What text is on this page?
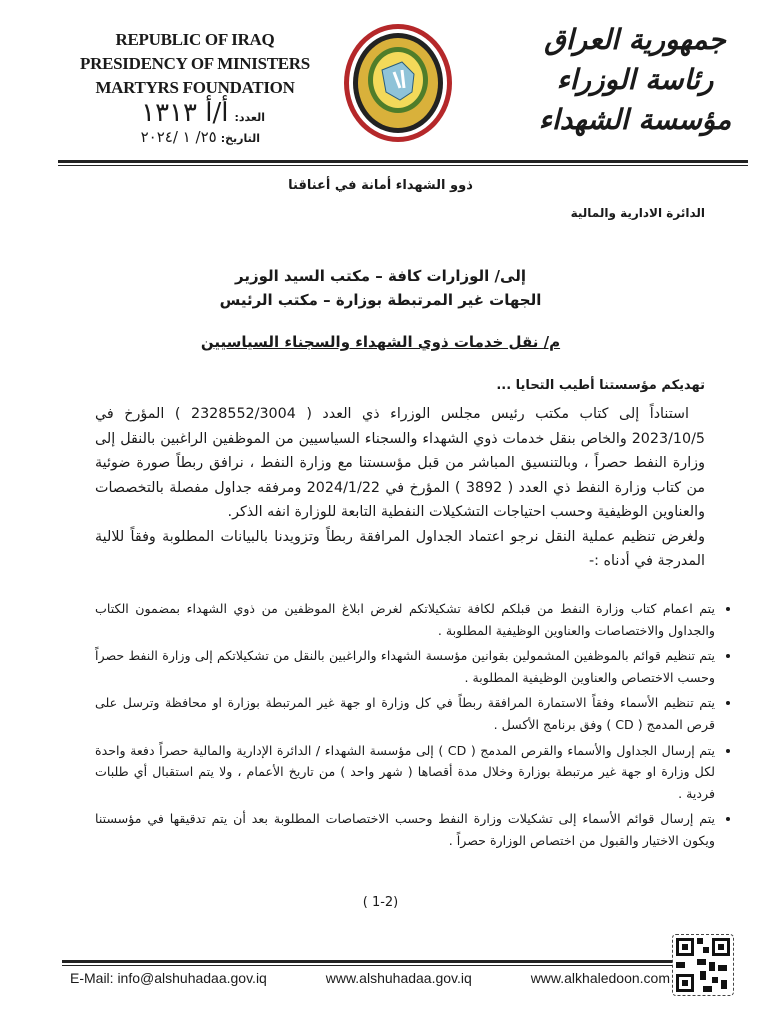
REPUBLIC OF IRAQ
PRESIDENCY OF MINISTERS
MARTYRS FOUNDATION
العدد:أ/أ ١٣١٣
التاريخ:٢٥/ ١ /٢٠٢٤
جمهورية العراق
رئاسة الوزراء
مؤسسة الشهداء
ذوو الشهداء أمانة في أعناقنا
الدائرة الادارية والمالية
إلى/ الوزارات كافة – مكتب السيد الوزير
الجهات غير المرتبطة بوزارة – مكتب الرئيس
م/ نقل خدمات ذوي الشهداء والسجناء السياسيين
تهديكم مؤسستنا أطيب التحايا ...
استناداً إلى كتاب مكتب رئيس مجلس الوزراء ذي العدد ( 2328552/3004 ) المؤرخ في 2023/10/5 والخاص بنقل خدمات ذوي الشهداء والسجناء السياسيين من الموظفين الراغبين بالنقل إلى وزارة النفط حصراً ، وبالتنسيق المباشر من قبل مؤسستنا مع وزارة النفط ، نرافق ربطاً صورة ضوئية من كتاب وزارة النفط ذي العدد ( 3892 ) المؤرخ في 2024/1/22 ومرفقه جداول مفصلة بالتخصصات والعناوين الوظيفية وحسب احتياجات التشكيلات النفطية التابعة للوزارة انفه الذكر.
ولغرض تنظيم عملية النقل نرجو اعتماد الجداول المرافقة ربطاً وتزويدنا بالبيانات المطلوبة وفقاً للالية المدرجة في أدناه :-
• يتم اعمام كتاب وزارة النفط من قبلكم لكافة تشكيلاتكم لغرض ابلاغ الموظفين من ذوي الشهداء بمضمون الكتاب والجداول والاختصاصات والعناوين الوظيفية المطلوبة .
• يتم تنظيم قوائم بالموظفين المشمولين بقوانين مؤسسة الشهداء والراغبين بالنقل من تشكيلاتكم إلى وزارة النفط حصراً وحسب الاختصاص والعناوين الوظيفية المطلوبة .
• يتم تنظيم الأسماء وفقاً الاستمارة المرافقة ربطاً في كل وزارة او جهة غير المرتبطة بوزارة او محافظة وترسل على قرص المدمج ( CD ) وفق برنامج الأكسل .
• يتم إرسال الجداول والأسماء والقرص المدمج ( CD ) إلى مؤسسة الشهداء / الدائرة الإدارية والمالية حصراً دفعة واحدة لكل وزارة او جهة غير مرتبطة بوزارة وخلال مدة أقصاها ( شهر واحد ) من تاريخ الأعمام ، ولا يتم استقبال أي طلبات فردية .
• يتم إرسال قوائم الأسماء إلى تشكيلات وزارة النفط وحسب الاختصاصات المطلوبة بعد أن يتم تدقيقها في مؤسستنا ويكون الاختيار والقبول من اختصاص الوزارة حصراً .
( 1-2)
E-Mail: info@alshuhadaa.gov.iq	www.alshuhadaa.gov.iq	www.alkhaledoon.com
